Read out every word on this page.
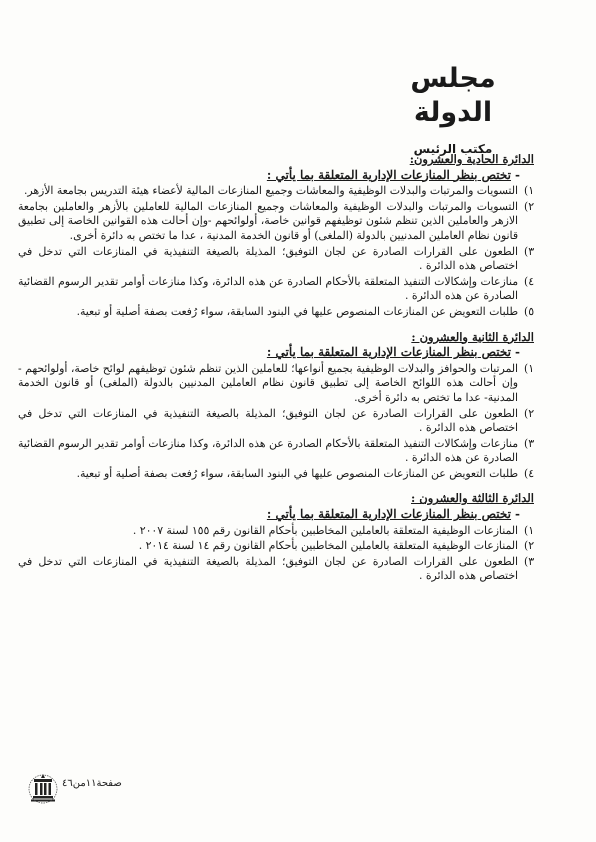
مجلس الدولة
مكتب الرئيس
الدائرة الحادية والعشرون:
-تختص بنظر المنازعات الإدارية المتعلقة بما يأتي :
١)
التسويات والمرتبات والبدلات الوظيفية والمعاشات وجميع المنازعات المالية لأعضاء هيئة التدريس بجامعة الأزهر.
٢)
التسويات والمرتبات والبدلات الوظيفية والمعاشات وجميع المنازعات المالية للعاملين بالأزهر والعاملين بجامعة الازهر والعاملين الذين تنظم شئون توظيفهم قوانين خاصة، أولوائحهم -وإن أحالت هذه القوانين الخاصة إلى تطبيق قانون نظام العاملين المدنيين بالدولة (الملغى) أو قانون الخدمة المدنية ، عدا ما تختص به دائرة أخرى.
٣)
الطعون على القرارات الصادرة عن لجان التوفيق؛ المذيلة بالصيغة التنفيذية في المنازعات التي تدخل في اختصاص هذه الدائرة .
٤)
منازعات وإشكالات التنفيذ المتعلقة بالأحكام الصادرة عن هذه الدائرة، وكذا منازعات أوامر تقدير الرسوم القضائية الصادرة عن هذه الدائرة .
٥)
طلبات التعويض عن المنازعات المنصوص عليها في البنود السابقة، سواء رُفعت بصفة أصلية أو تبعية.
الدائرة الثانية والعشرون :
-تختص بنظر المنازعات الإدارية المتعلقة بما يأتي :
١)
المرتبات والحوافز والبدلات الوظيفية بجميع أنواعها؛ للعاملين الذين تنظم شئون توظيفهم لوائح خاصة، أولوائحهم - وإن أحالت هذه اللوائح الخاصة إلى تطبيق قانون نظام العاملين المدنيين بالدولة (الملغى) أو قانون الخدمة المدنية- عدا ما تختص به دائرة أخرى.
٢)
الطعون على القرارات الصادرة عن لجان التوفيق؛ المذيلة بالصيغة التنفيذية في المنازعات التي تدخل في اختصاص هذه الدائرة .
٣)
منازعات وإشكالات التنفيذ المتعلقة بالأحكام الصادرة عن هذه الدائرة، وكذا منازعات أوامر تقدير الرسوم القضائية الصادرة عن هذه الدائرة .
٤)
طلبات التعويض عن المنازعات المنصوص عليها في البنود السابقة، سواء رُفعت بصفة أصلية أو تبعية.
الدائرة الثالثة والعشرون :
-تختص بنظر المنازعات الإدارية المتعلقة بما يأتي :
١)
المنازعات الوظيفية المتعلقة بالعاملين المخاطبين بأحكام القانون رقم ١٥٥ لسنة ٢٠٠٧ .
٢)
المنازعات الوظيفية المتعلقة بالعاملين المخاطبين بأحكام القانون رقم ١٤ لسنة ٢٠١٤ .
٣)
الطعون على القرارات الصادرة عن لجان التوفيق؛ المذيلة بالصيغة التنفيذية في المنازعات التي تدخل في اختصاص هذه الدائرة .
صفحة١١من٤٦
